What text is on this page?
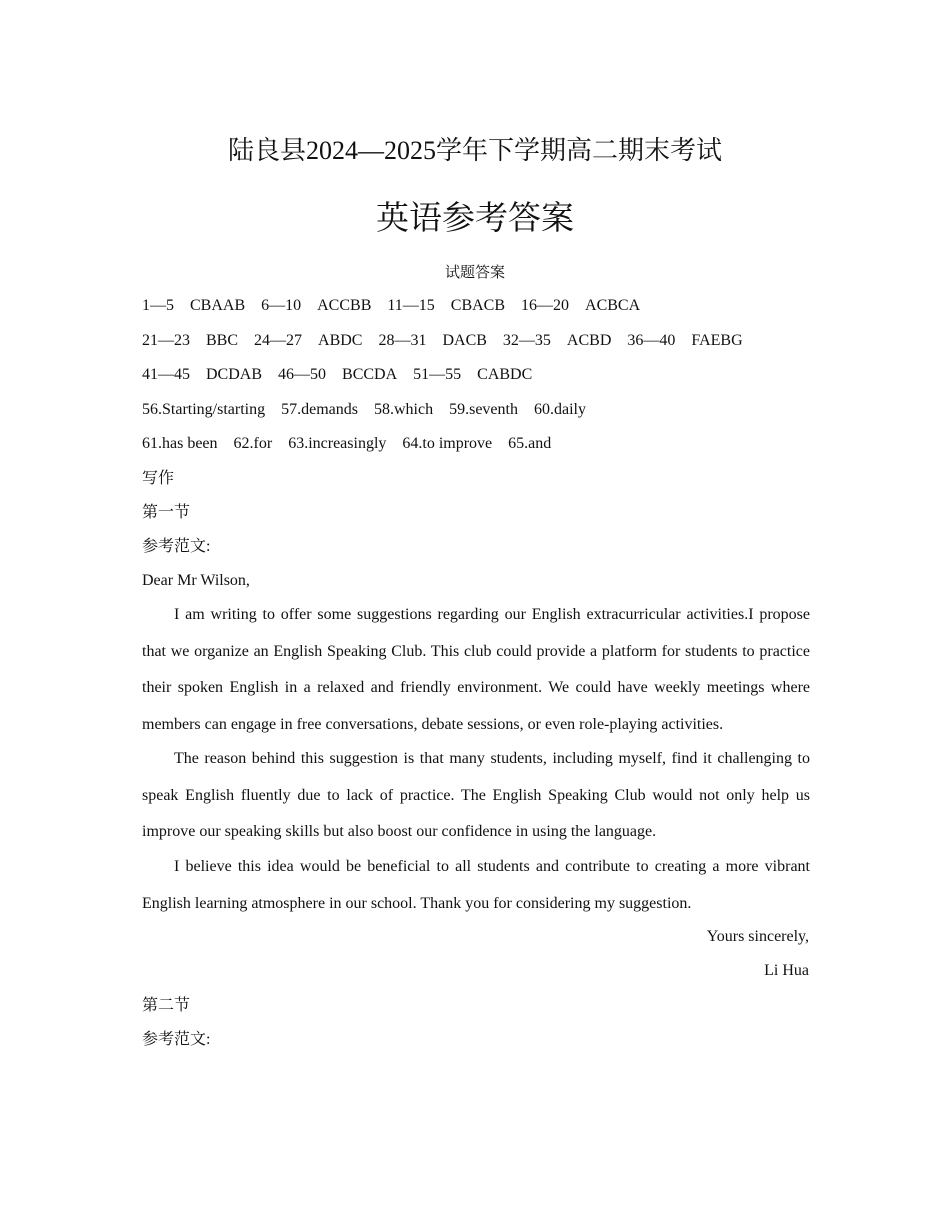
陆良县2024—2025学年下学期高二期末考试
英语参考答案
试题答案
1—5 CBAAB 6—10 ACCBB 11—15 CBACB 16—20 ACBCA
21—23 BBC 24—27 ABDC 28—31 DACB 32—35 ACBD 36—40 FAEBG
41—45 DCDAB 46—50 BCCDA 51—55 CABDC
56.Starting/starting 57.demands 58.which 59.seventh 60.daily
61.has been 62.for 63.increasingly 64.to improve 65.and
写作
第一节
参考范文:
Dear Mr Wilson,
I am writing to offer some suggestions regarding our English extracurricular activities.I propose that we organize an English Speaking Club. This club could provide a platform for students to practice their spoken English in a relaxed and friendly environment. We could have weekly meetings where members can engage in free conversations, debate sessions, or even role-playing activities.
The reason behind this suggestion is that many students, including myself, find it challenging to speak English fluently due to lack of practice. The English Speaking Club would not only help us improve our speaking skills but also boost our confidence in using the language.
I believe this idea would be beneficial to all students and contribute to creating a more vibrant English learning atmosphere in our school. Thank you for considering my suggestion.
Yours sincerely,
Li Hua
第二节
参考范文:
